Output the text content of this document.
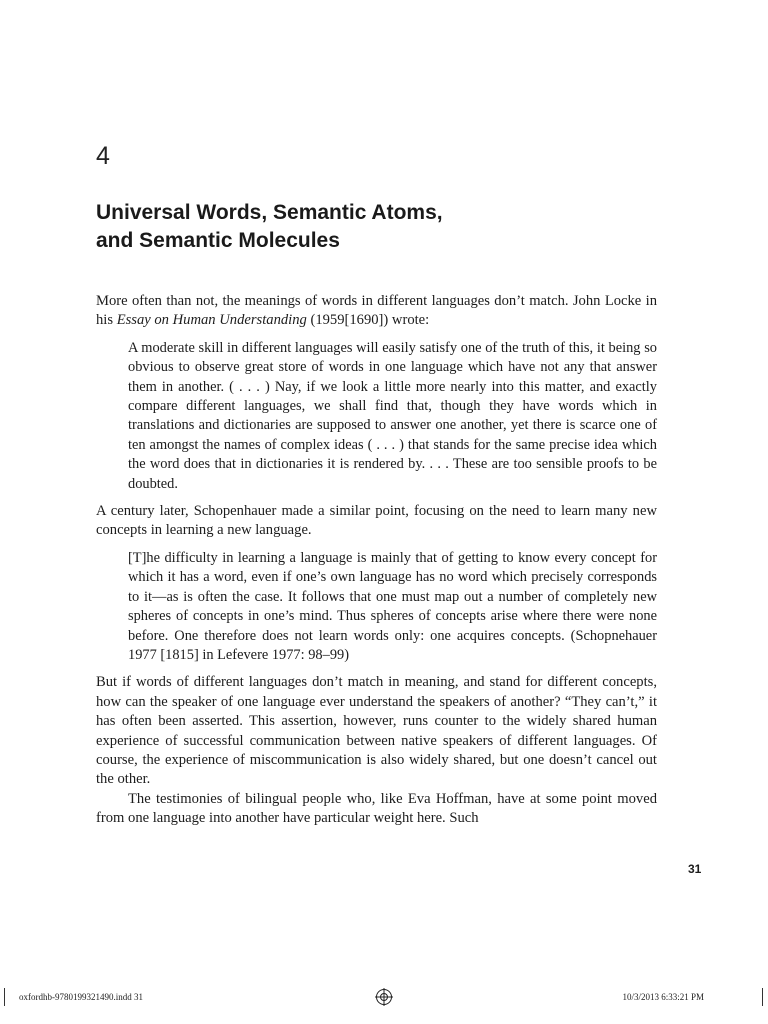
4
Universal Words, Semantic Atoms,
and Semantic Molecules

More often than not, the meanings of words in different languages don’t match. John Locke in his Essay on Human Understanding (1959[1690]) wrote:

A moderate skill in different languages will easily satisfy one of the truth of this, it being so obvious to observe great store of words in one language which have not any that answer them in another. ( . . . ) Nay, if we look a little more nearly into this matter, and exactly compare different languages, we shall find that, though they have words which in translations and dictionaries are supposed to answer one another, yet there is scarce one of ten amongst the names of complex ideas ( . . . ) that stands for the same precise idea which the word does that in dictionaries it is rendered by. . . . These are too sensible proofs to be doubted.

A century later, Schopenhauer made a similar point, focusing on the need to learn many new concepts in learning a new language.

[T]he difficulty in learning a language is mainly that of getting to know every concept for which it has a word, even if one’s own language has no word which precisely corresponds to it—as is often the case. It follows that one must map out a number of completely new spheres of concepts in one’s mind. Thus spheres of concepts arise where there were none before. One therefore does not learn words only: one acquires concepts. (Schopnehauer 1977 [1815] in Lefevere 1977: 98–99)

But if words of different languages don’t match in meaning, and stand for different concepts, how can the speaker of one language ever understand the speakers of another? “They can’t,” it has often been asserted. This assertion, however, runs counter to the widely shared human experience of successful communication between native speakers of different languages. Of course, the experience of miscommunication is also widely shared, but one doesn’t cancel out the other.

The testimonies of bilingual people who, like Eva Hoffman, have at some point moved from one language into another have particular weight here. Such

31
oxfordhb-9780199321490.indd 31	10/3/2013 6:33:21 PM
